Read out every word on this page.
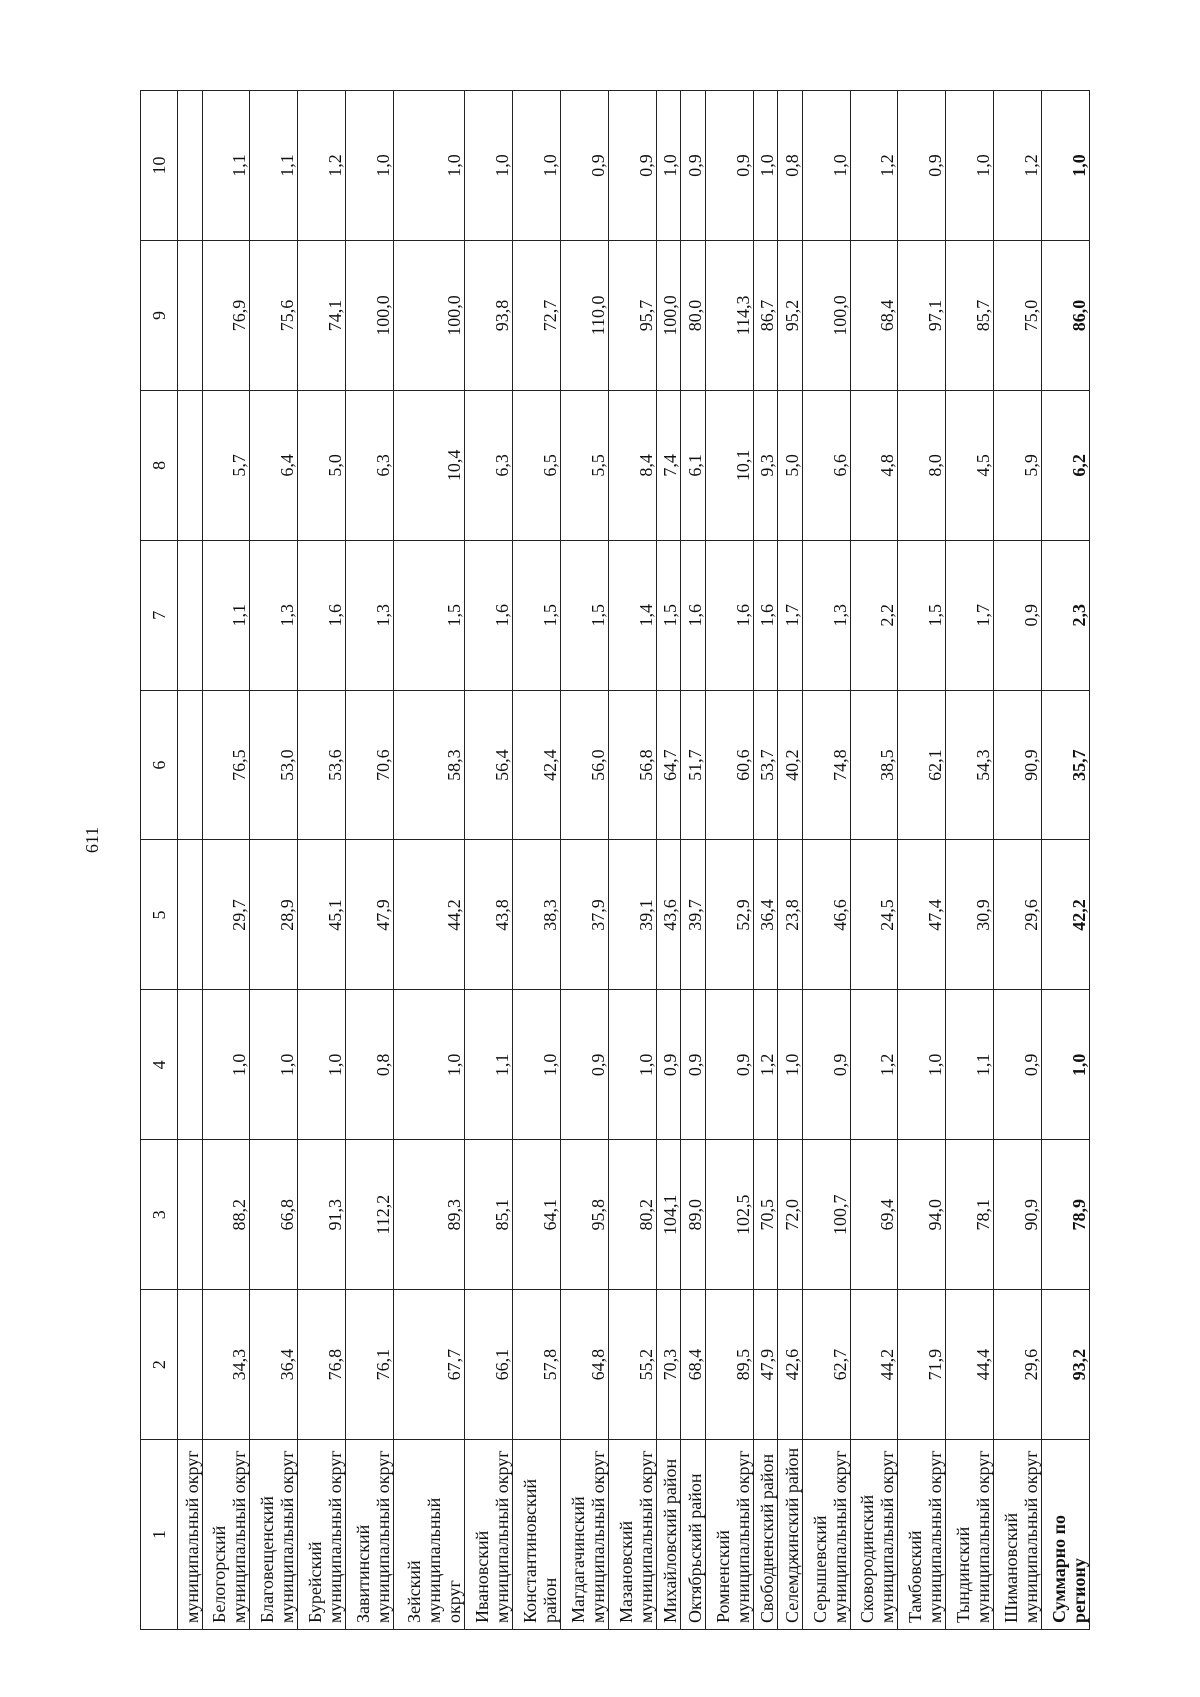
611
1	2	3	4	5	6	7	8	9	10
муниципальный округ									
Белогорский
муниципальный округ	34,3	88,2	1,0	29,7	76,5	1,1	5,7	76,9	1,1
Благовещенский
муниципальный округ	36,4	66,8	1,0	28,9	53,0	1,3	6,4	75,6	1,1
Бурейский
муниципальный округ	76,8	91,3	1,0	45,1	53,6	1,6	5,0	74,1	1,2
Завитинский
муниципальный округ	76,1	112,2	0,8	47,9	70,6	1,3	6,3	100,0	1,0
Зейский муниципальный
округ	67,7	89,3	1,0	44,2	58,3	1,5	10,4	100,0	1,0
Ивановский
муниципальный округ	66,1	85,1	1,1	43,8	56,4	1,6	6,3	93,8	1,0
Константиновский район	57,8	64,1	1,0	38,3	42,4	1,5	6,5	72,7	1,0
Магдагачинский
муниципальный округ	64,8	95,8	0,9	37,9	56,0	1,5	5,5	110,0	0,9
Мазановский
муниципальный округ	55,2	80,2	1,0	39,1	56,8	1,4	8,4	95,7	0,9
Михайловский район	70,3	104,1	0,9	43,6	64,7	1,5	7,4	100,0	1,0
Октябрьский район	68,4	89,0	0,9	39,7	51,7	1,6	6,1	80,0	0,9
Ромненский
муниципальный округ	89,5	102,5	0,9	52,9	60,6	1,6	10,1	114,3	0,9
Свободненский район	47,9	70,5	1,2	36,4	53,7	1,6	9,3	86,7	1,0
Селемджинский район	42,6	72,0	1,0	23,8	40,2	1,7	5,0	95,2	0,8
Серышевский
муниципальный округ	62,7	100,7	0,9	46,6	74,8	1,3	6,6	100,0	1,0
Сковородинский
муниципальный округ	44,2	69,4	1,2	24,5	38,5	2,2	4,8	68,4	1,2
Тамбовский
муниципальный округ	71,9	94,0	1,0	47,4	62,1	1,5	8,0	97,1	0,9
Тындинский
муниципальный округ	44,4	78,1	1,1	30,9	54,3	1,7	4,5	85,7	1,0
Шимановский
муниципальный округ	29,6	90,9	0,9	29,6	90,9	0,9	5,9	75,0	1,2
Суммарно по региону	93,2	78,9	1,0	42,2	35,7	2,3	6,2	86,0	1,0
